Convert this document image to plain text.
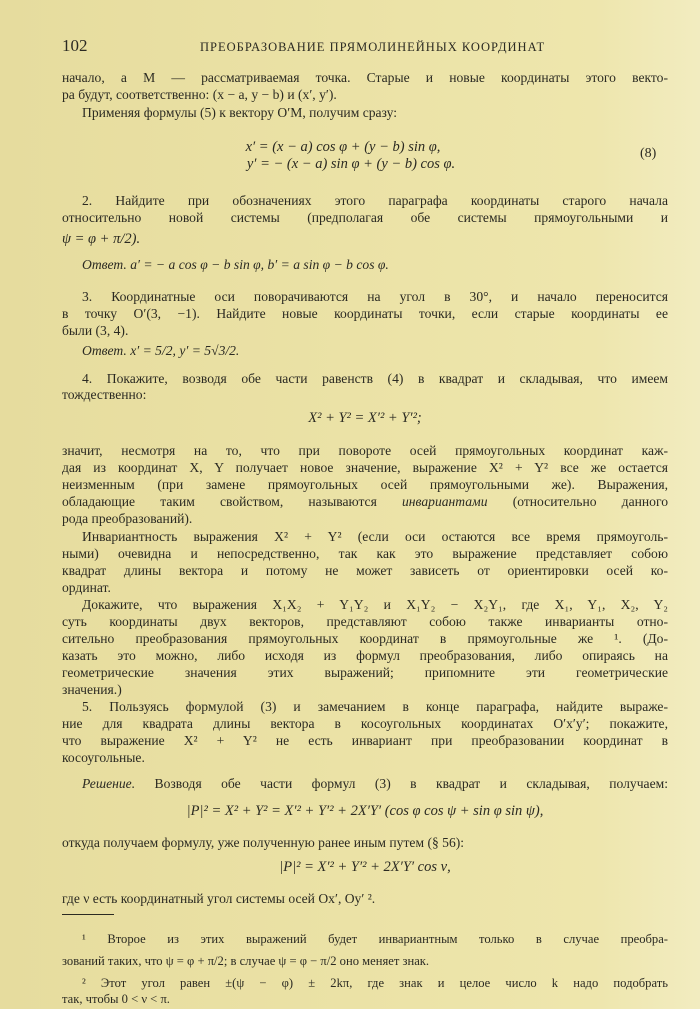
102	ПРЕОБРАЗОВАНИЕ ПРЯМОЛИНЕЙНЫХ КООРДИНАТ
начало, а M — рассматриваемая точка. Старые и новые координаты этого векто-
ра будут, соответственно: (x − a, y − b) и (x′, y′).
Применяя формулы (5) к вектору O′M, получим сразу:
x′ = (x − a) cos φ + (y − b) sin φ,
y′ = − (x − a) sin φ + (y − b) cos φ.
(8)
2. Найдите при обозначениях этого параграфа координаты старого начала
относительно новой системы (предполагая обе системы прямоугольными и
ψ = φ + π/2).
Ответ. a′ = − a cos φ − b sin φ, b′ = a sin φ − b cos φ.
3. Координатные оси поворачиваются на угол в 30°, и начало переносится
в точку O′(3, −1). Найдите новые координаты точки, если старые координаты ее
были (3, 4).
Ответ. x′ = 5/2, y′ = 5√3/2.
4. Покажите, возводя обе части равенств (4) в квадрат и складывая, что имеем
тождественно:
X² + Y² = X′² + Y′²;
значит, несмотря на то, что при повороте осей прямоугольных координат каж-
дая из координат X, Y получает новое значение, выражение X² + Y² все же остается
неизменным (при замене прямоугольных осей прямоугольными же). Выражения,
обладающие таким свойством, называются инвариантами (относительно данного
рода преобразований).
Инвариантность выражения X² + Y² (если оси остаются все время прямоуголь-
ными) очевидна и непосредственно, так как это выражение представляет собою
квадрат длины вектора и потому не может зависеть от ориентировки осей ко-
ординат.
Докажите, что выражения X₁X₂ + Y₁Y₂ и X₁Y₂ − X₂Y₁, где X₁, Y₁, X₂, Y₂
суть координаты двух векторов, представляют собою также инварианты отно-
сительно преобразования прямоугольных координат в прямоугольные же ¹. (До-
казать это можно, либо исходя из формул преобразования, либо опираясь на
геометрические значения этих выражений; припомните эти геометрические
значения.)
5. Пользуясь формулой (3) и замечанием в конце параграфа, найдите выраже-
ние для квадрата длины вектора в косоугольных координатах O′x′y′; покажите,
что выражение X² + Y² не есть инвариант при преобразовании координат в
косоугольные.
Решение. Возводя обе части формул (3) в квадрат и складывая, получаем:
|P|² = X² + Y² = X′² + Y′² + 2X′Y′ (cos φ cos ψ + sin φ sin ψ),
откуда получаем формулу, уже полученную ранее иным путем (§ 56):
|P|² = X′² + Y′² + 2X′Y′ cos ν,
где ν есть координатный угол системы осей Ox′, Oy′ ².
¹ Второе из этих выражений будет инвариантным только в случае преобра-
зований таких, что ψ = φ + π/2; в случае ψ = φ − π/2 оно меняет знак.
² Этот угол равен ±(ψ − φ) ± 2kπ, где знак и целое число k надо подобрать
так, чтобы 0 < ν < π.
